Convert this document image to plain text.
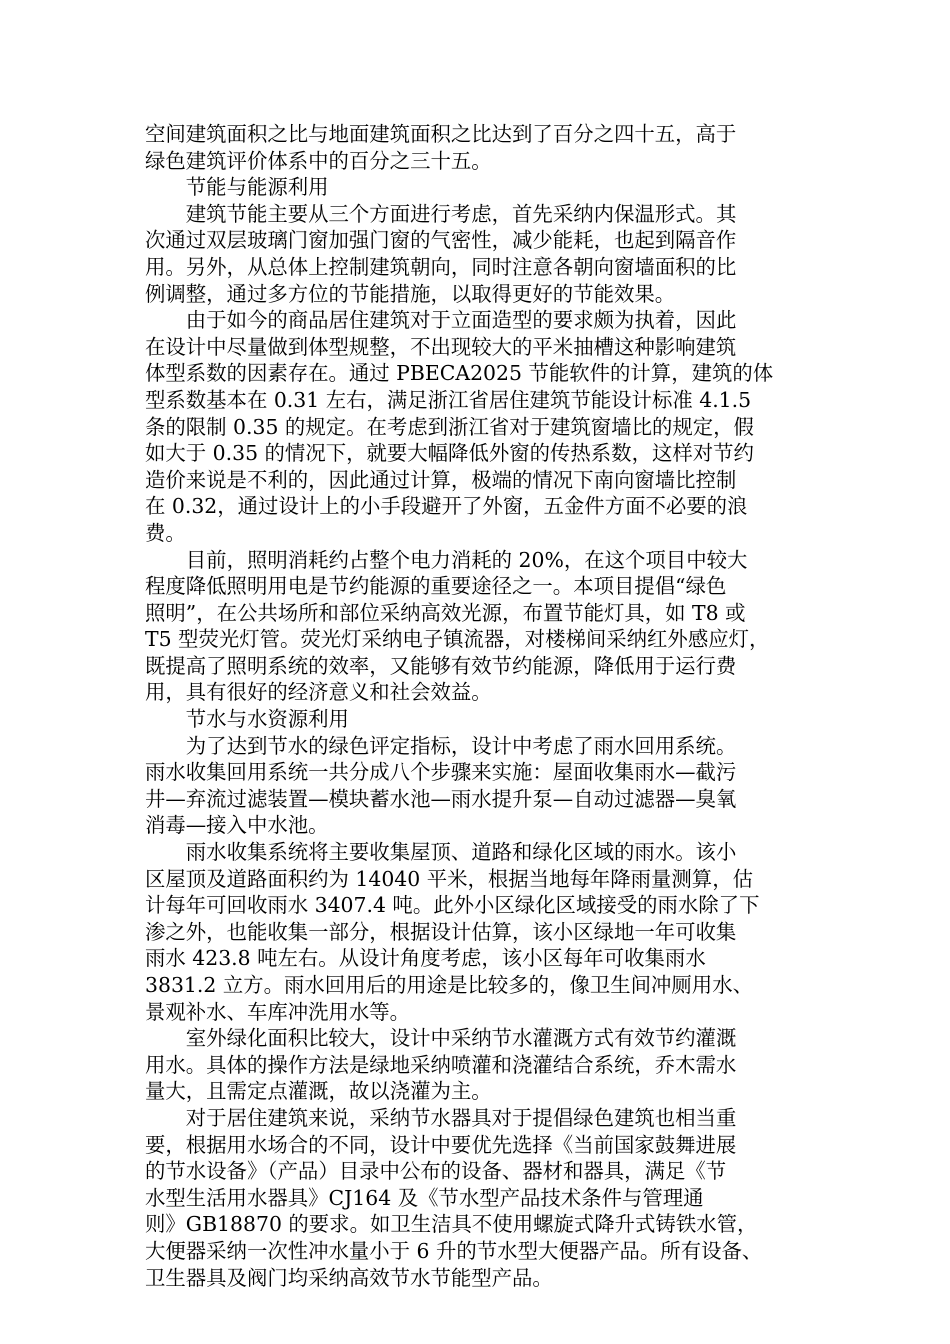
空间建筑面积之比与地面建筑面积之比达到了百分之四十五，高于
绿色建筑评价体系中的百分之三十五。

节能与能源利用

建筑节能主要从三个方面进行考虑，首先采纳内保温形式。其
次通过双层玻璃门窗加强门窗的气密性，减少能耗，也起到隔音作
用。另外，从总体上控制建筑朝向，同时注意各朝向窗墙面积的比
例调整，通过多方位的节能措施，以取得更好的节能效果。

由于如今的商品居住建筑对于立面造型的要求颇为执着，因此
在设计中尽量做到体型规整，不出现较大的平米抽槽这种影响建筑
体型系数的因素存在。通过 PBECA2025 节能软件的计算，建筑的体
型系数基本在 0.31 左右，满足浙江省居住建筑节能设计标准 4.1.5
条的限制 0.35 的规定。在考虑到浙江省对于建筑窗墙比的规定，假
如大于 0.35 的情况下，就要大幅降低外窗的传热系数，这样对节约
造价来说是不利的，因此通过计算，极端的情况下南向窗墙比控制
在 0.32，通过设计上的小手段避开了外窗，五金件方面不必要的浪
费。

目前，照明消耗约占整个电力消耗的 20%，在这个项目中较大
程度降低照明用电是节约能源的重要途径之一。本项目提倡“绿色
照明”，在公共场所和部位采纳高效光源，布置节能灯具，如 T8 或
T5 型荧光灯管。荧光灯采纳电子镇流器，对楼梯间采纳红外感应灯，
既提高了照明系统的效率，又能够有效节约能源，降低用于运行费
用，具有很好的经济意义和社会效益。

节水与水资源利用

为了达到节水的绿色评定指标，设计中考虑了雨水回用系统。
雨水收集回用系统一共分成八个步骤来实施：屋面收集雨水—截污
井—弃流过滤装置—模块蓄水池—雨水提升泵—自动过滤器—臭氧
消毒—接入中水池。

雨水收集系统将主要收集屋顶、道路和绿化区域的雨水。该小
区屋顶及道路面积约为 14040 平米，根据当地每年降雨量测算，估
计每年可回收雨水 3407.4 吨。此外小区绿化区域接受的雨水除了下
渗之外，也能收集一部分，根据设计估算，该小区绿地一年可收集
雨水 423.8 吨左右。从设计角度考虑，该小区每年可收集雨水
3831.2 立方。雨水回用后的用途是比较多的，像卫生间冲厕用水、
景观补水、车库冲洗用水等。

室外绿化面积比较大，设计中采纳节水灌溉方式有效节约灌溉
用水。具体的操作方法是绿地采纳喷灌和浇灌结合系统，乔木需水
量大，且需定点灌溉，故以浇灌为主。

对于居住建筑来说，采纳节水器具对于提倡绿色建筑也相当重
要，根据用水场合的不同，设计中要优先选择《当前国家鼓舞进展
的节水设备》（产品）目录中公布的设备、器材和器具，满足《节
水型生活用水器具》CJ164 及《节水型产品技术条件与管理通
则》GB18870 的要求。如卫生洁具不使用螺旋式降升式铸铁水管，
大便器采纳一次性冲水量小于 6 升的节水型大便器产品。所有设备、
卫生器具及阀门均采纳高效节水节能型产品。
